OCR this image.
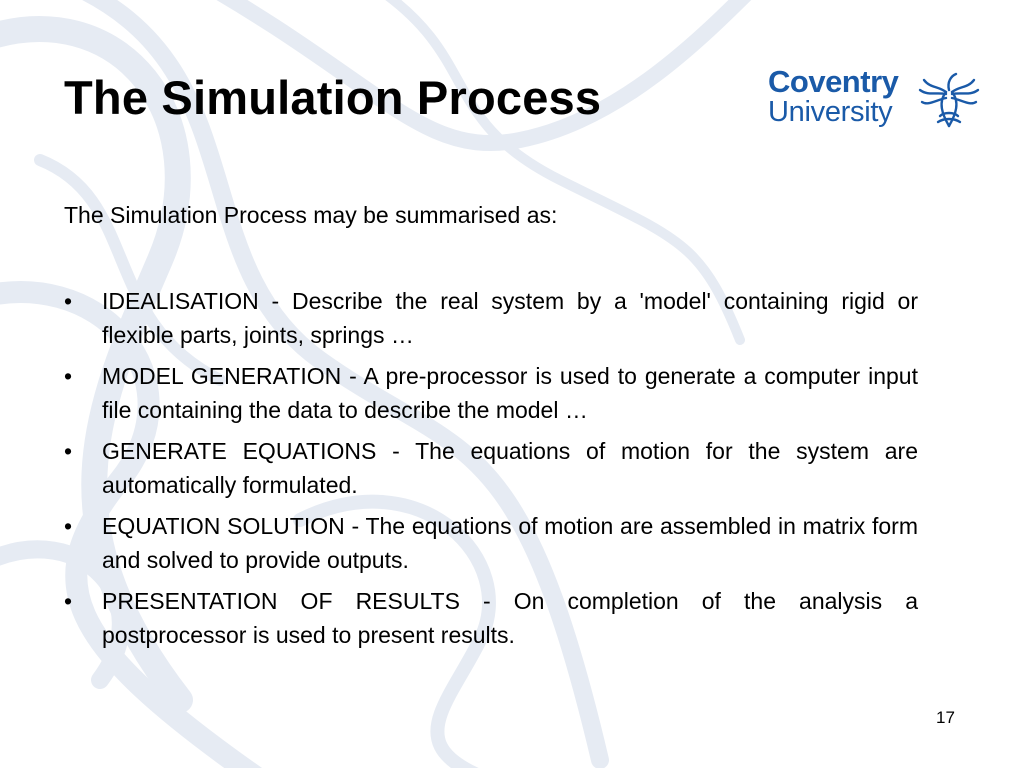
The Simulation Process	Coventry
University

The Simulation Process may be summarised as:

• IDEALISATION - Describe the real system by a 'model' containing rigid or flexible parts, joints, springs …
• MODEL GENERATION - A pre-processor is used to generate a computer input file containing the data to describe the model …
• GENERATE EQUATIONS - The equations of motion for the system are automatically formulated.
• EQUATION SOLUTION - The equations of motion are assembled in matrix form and solved to provide outputs.
• PRESENTATION OF RESULTS - On completion of the analysis a postprocessor is used to present results.
17
